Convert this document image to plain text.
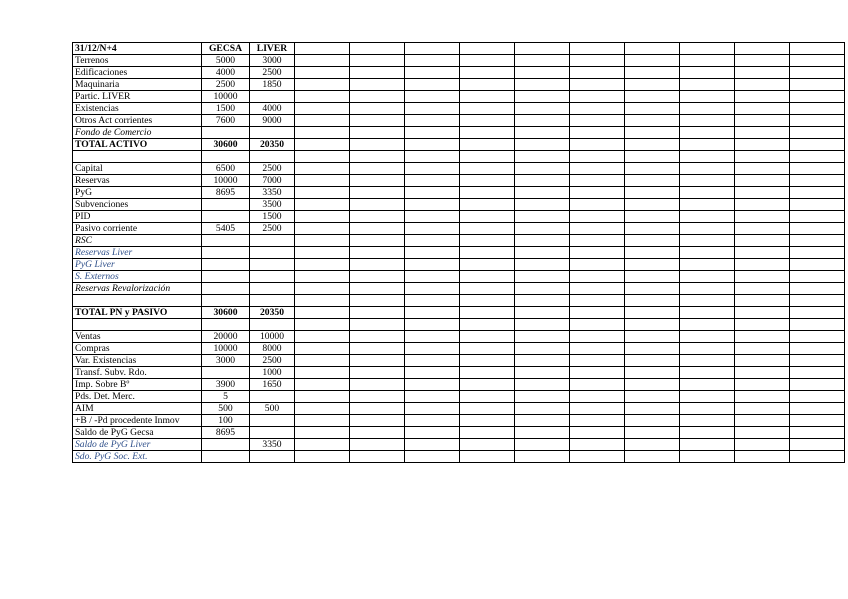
31/12/N+4	GECSA	LIVER										
Terrenos	5000	3000										
Edificaciones	4000	2500										
Maquinaria	2500	1850										
Partic. LIVER	10000											
Existencias	1500	4000										
Otros Act corrientes	7600	9000										
Fondo de Comercio												
TOTAL ACTIVO	30600	20350										

Capital	6500	2500										
Reservas	10000	7000										
PyG	8695	3350										
Subvenciones		3500										
PID		1500										
Pasivo corriente	5405	2500										
RSC												
Reservas Liver												
PyG Liver												
S. Externos												
Reservas Revalorización												

TOTAL PN y PASIVO	30600	20350										

Ventas	20000	10000										
Compras	10000	8000										
Var. Existencias	3000	2500										
Transf. Subv. Rdo.		1000										
Imp. Sobre Bº	3900	1650										
Pds. Det. Merc.	5											
AIM	500	500										
+B / -Pd procedente Inmov	100											
Saldo de PyG Gecsa	8695											
Saldo de PyG Liver		3350										
Sdo. PyG Soc. Ext.												
